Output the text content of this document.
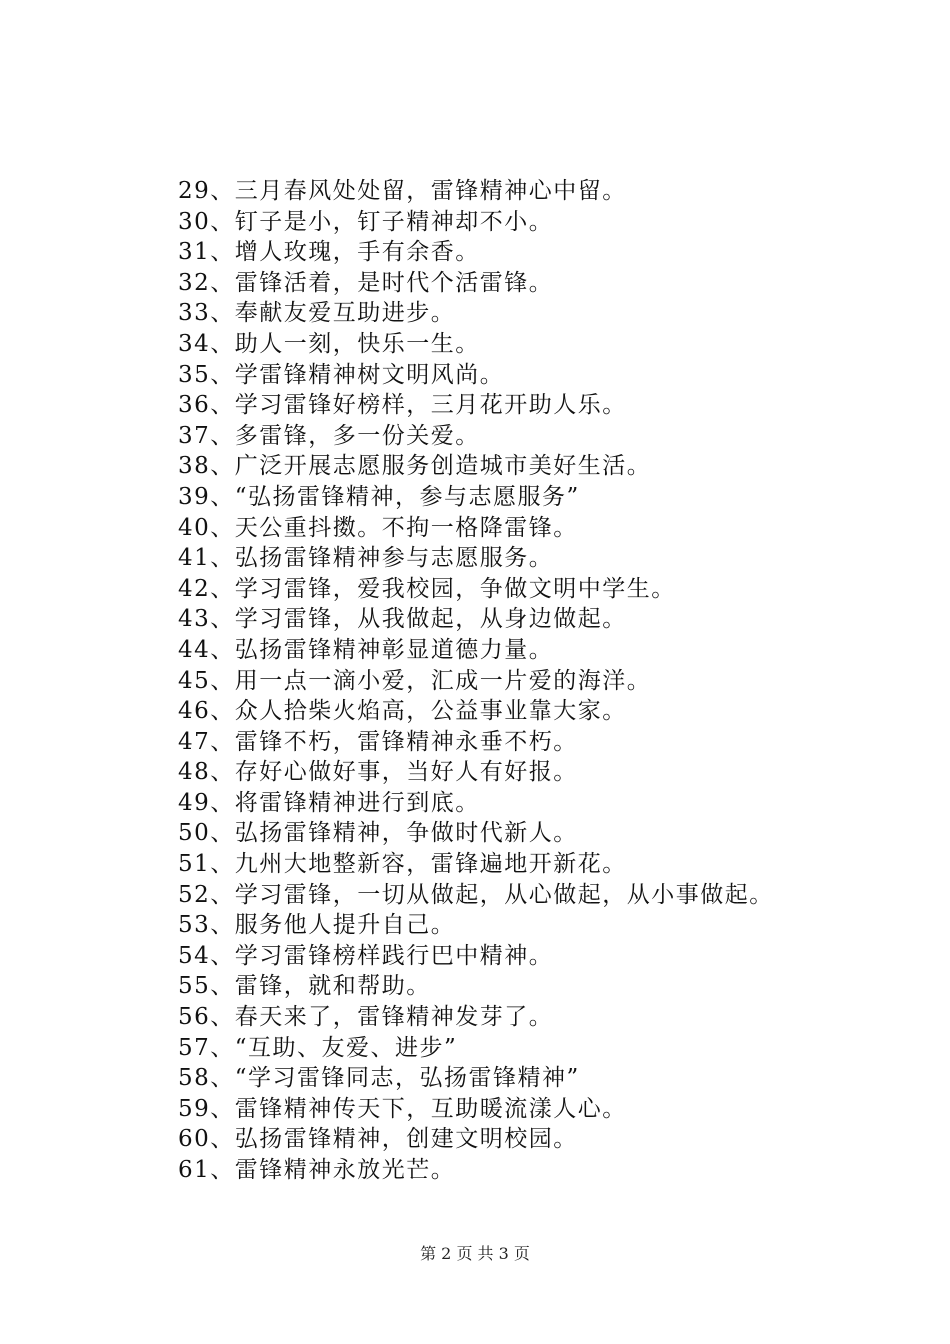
29、三月春风处处留，雷锋精神心中留。
30、钉子是小，钉子精神却不小。
31、增人玫瑰，手有余香。
32、雷锋活着，是时代个活雷锋。
33、奉献友爱互助进步。
34、助人一刻，快乐一生。
35、学雷锋精神树文明风尚。
36、学习雷锋好榜样，三月花开助人乐。
37、多雷锋，多一份关爱。
38、广泛开展志愿服务创造城市美好生活。
39、“弘扬雷锋精神，参与志愿服务”
40、天公重抖擞。不拘一格降雷锋。
41、弘扬雷锋精神参与志愿服务。
42、学习雷锋，爱我校园，争做文明中学生。
43、学习雷锋，从我做起，从身边做起。
44、弘扬雷锋精神彰显道德力量。
45、用一点一滴小爱，汇成一片爱的海洋。
46、众人拾柴火焰高，公益事业靠大家。
47、雷锋不朽，雷锋精神永垂不朽。
48、存好心做好事，当好人有好报。
49、将雷锋精神进行到底。
50、弘扬雷锋精神，争做时代新人。
51、九州大地整新容，雷锋遍地开新花。
52、学习雷锋，一切从做起，从心做起，从小事做起。
53、服务他人提升自己。
54、学习雷锋榜样践行巴中精神。
55、雷锋，就和帮助。
56、春天来了，雷锋精神发芽了。
57、“互助、友爱、进步”
58、“学习雷锋同志，弘扬雷锋精神”
59、雷锋精神传天下，互助暖流漾人心。
60、弘扬雷锋精神，创建文明校园。
61、雷锋精神永放光芒。
第 2 页 共 3 页
